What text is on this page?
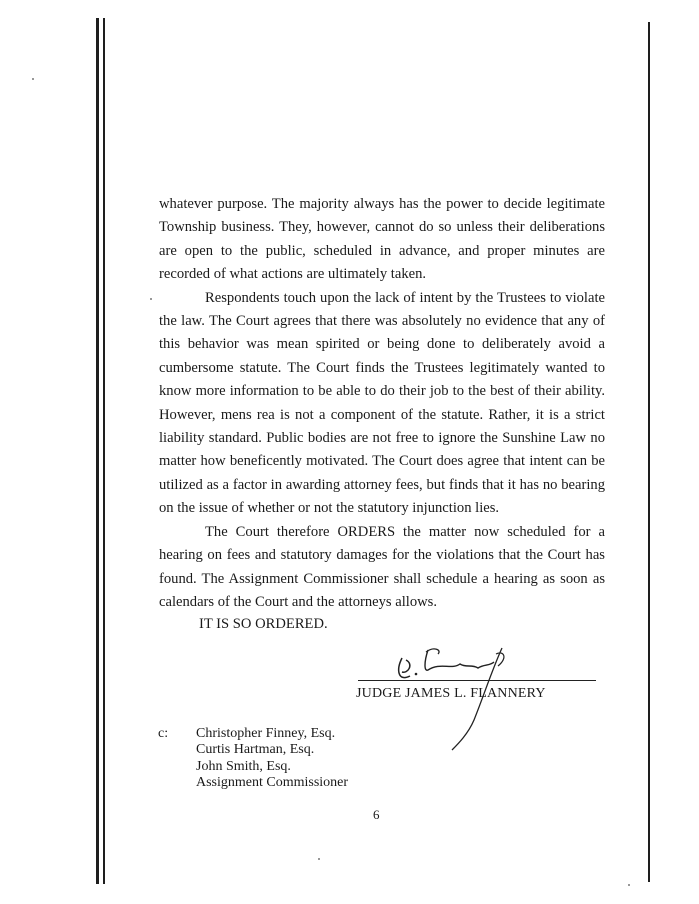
whatever purpose. The majority always has the power to decide legitimate Township business. They, however, cannot do so unless their deliberations are open to the public, scheduled in advance, and proper minutes are recorded of what actions are ultimately taken.

Respondents touch upon the lack of intent by the Trustees to violate the law. The Court agrees that there was absolutely no evidence that any of this behavior was mean spirited or being done to deliberately avoid a cumbersome statute. The Court finds the Trustees legitimately wanted to know more information to be able to do their job to the best of their ability. However, mens rea is not a component of the statute. Rather, it is a strict liability standard. Public bodies are not free to ignore the Sunshine Law no matter how beneficently motivated. The Court does agree that intent can be utilized as a factor in awarding attorney fees, but finds that it has no bearing on the issue of whether or not the statutory injunction lies.

The Court therefore ORDERS the matter now scheduled for a hearing on fees and statutory damages for the violations that the Court has found. The Assignment Commissioner shall schedule a hearing as soon as calendars of the Court and the attorneys allows.

IT IS SO ORDERED.
JUDGE JAMES L. FLANNERY
c: Christopher Finney, Esq.
Curtis Hartman, Esq.
John Smith, Esq.
Assignment Commissioner
6
